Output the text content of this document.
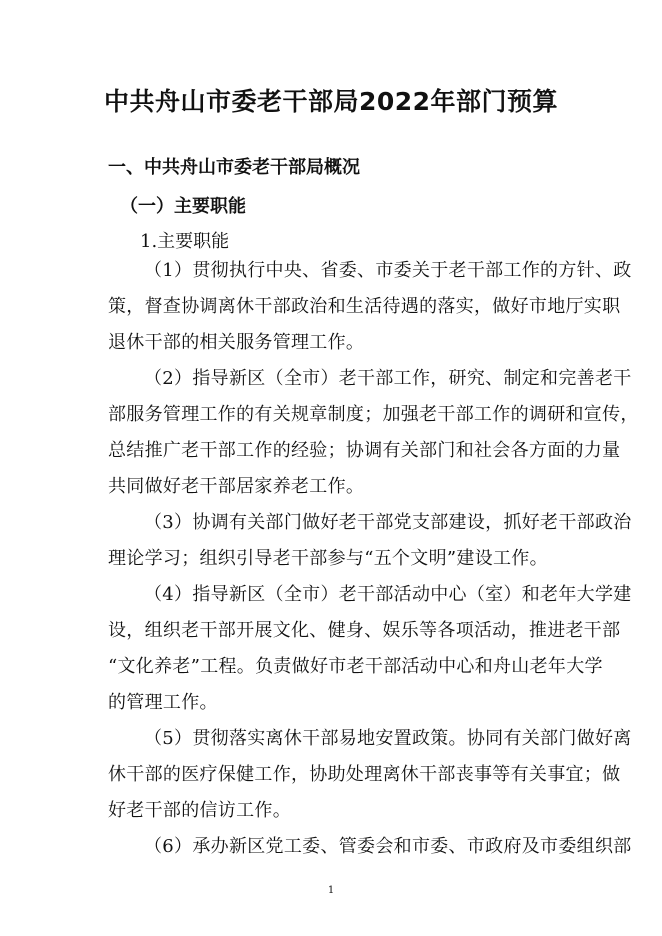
中共舟山市委老干部局2022年部门预算
一、中共舟山市委老干部局概况
（一）主要职能
1.主要职能
（1）贯彻执行中央、省委、市委关于老干部工作的方针、政
策，督查协调离休干部政治和生活待遇的落实，做好市地厅实职
退休干部的相关服务管理工作。
（2）指导新区（全市）老干部工作，研究、制定和完善老干
部服务管理工作的有关规章制度；加强老干部工作的调研和宣传，
总结推广老干部工作的经验；协调有关部门和社会各方面的力量
共同做好老干部居家养老工作。
（3）协调有关部门做好老干部党支部建设，抓好老干部政治
理论学习；组织引导老干部参与“五个文明”建设工作。
（4）指导新区（全市）老干部活动中心（室）和老年大学建
设，组织老干部开展文化、健身、娱乐等各项活动，推进老干部
“文化养老”工程。负责做好市老干部活动中心和舟山老年大学
的管理工作。
（5）贯彻落实离休干部易地安置政策。协同有关部门做好离
休干部的医疗保健工作，协助处理离休干部丧事等有关事宜；做
好老干部的信访工作。
（6）承办新区党工委、管委会和市委、市政府及市委组织部
1
